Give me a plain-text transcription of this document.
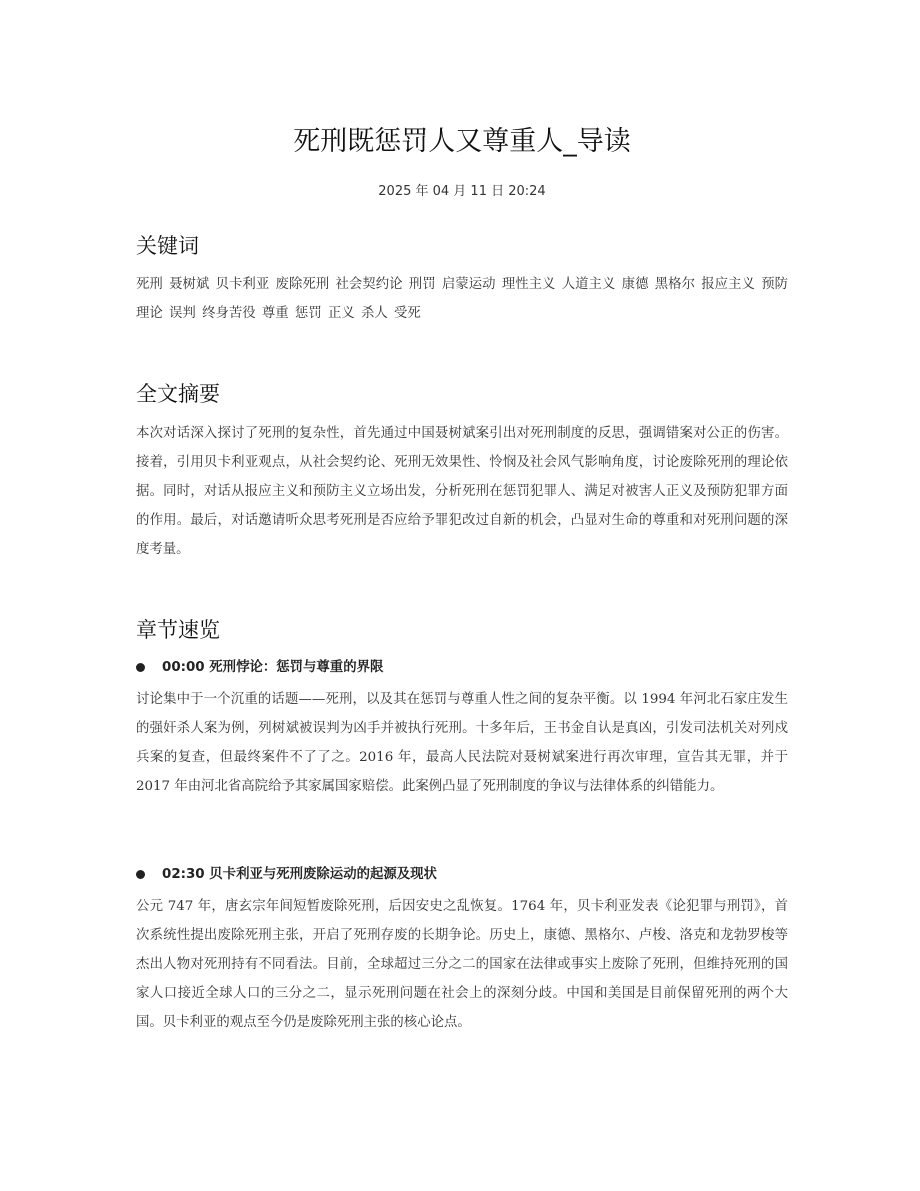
死刑既惩罚人又尊重人_导读
2025 年 04 月 11 日 20:24
关键词

死刑 聂树斌 贝卡利亚 废除死刑 社会契约论 刑罚 启蒙运动 理性主义 人道主义 康德 黑格尔 报应主义 预防理论 误判 终身苦役 尊重 惩罚 正义 杀人 受死

全文摘要

本次对话深入探讨了死刑的复杂性，首先通过中国聂树斌案引出对死刑制度的反思，强调错案对公正的伤害。接着，引用贝卡利亚观点，从社会契约论、死刑无效果性、怜悯及社会风气影响角度，讨论废除死刑的理论依据。同时，对话从报应主义和预防主义立场出发，分析死刑在惩罚犯罪人、满足对被害人正义及预防犯罪方面的作用。最后，对话邀请听众思考死刑是否应给予罪犯改过自新的机会，凸显对生命的尊重和对死刑问题的深度考量。

章节速览
00:00 死刑悖论：惩罚与尊重的界限

讨论集中于一个沉重的话题——死刑，以及其在惩罚与尊重人性之间的复杂平衡。以 1994 年河北石家庄发生的强奸杀人案为例，列树斌被误判为凶手并被执行死刑。十多年后，王书金自认是真凶，引发司法机关对列戍兵案的复查，但最终案件不了了之。2016 年，最高人民法院对聂树斌案进行再次审理，宣告其无罪，并于 2017 年由河北省高院给予其家属国家赔偿。此案例凸显了死刑制度的争议与法律体系的纠错能力。

02:30 贝卡利亚与死刑废除运动的起源及现状

公元 747 年，唐玄宗年间短暂废除死刑，后因安史之乱恢复。1764 年，贝卡利亚发表《论犯罪与刑罚》，首次系统性提出废除死刑主张，开启了死刑存废的长期争论。历史上，康德、黑格尔、卢梭、洛克和龙勃罗梭等杰出人物对死刑持有不同看法。目前，全球超过三分之二的国家在法律或事实上废除了死刑，但维持死刑的国家人口接近全球人口的三分之二，显示死刑问题在社会上的深刻分歧。中国和美国是目前保留死刑的两个大国。贝卡利亚的观点至今仍是废除死刑主张的核心论点。
